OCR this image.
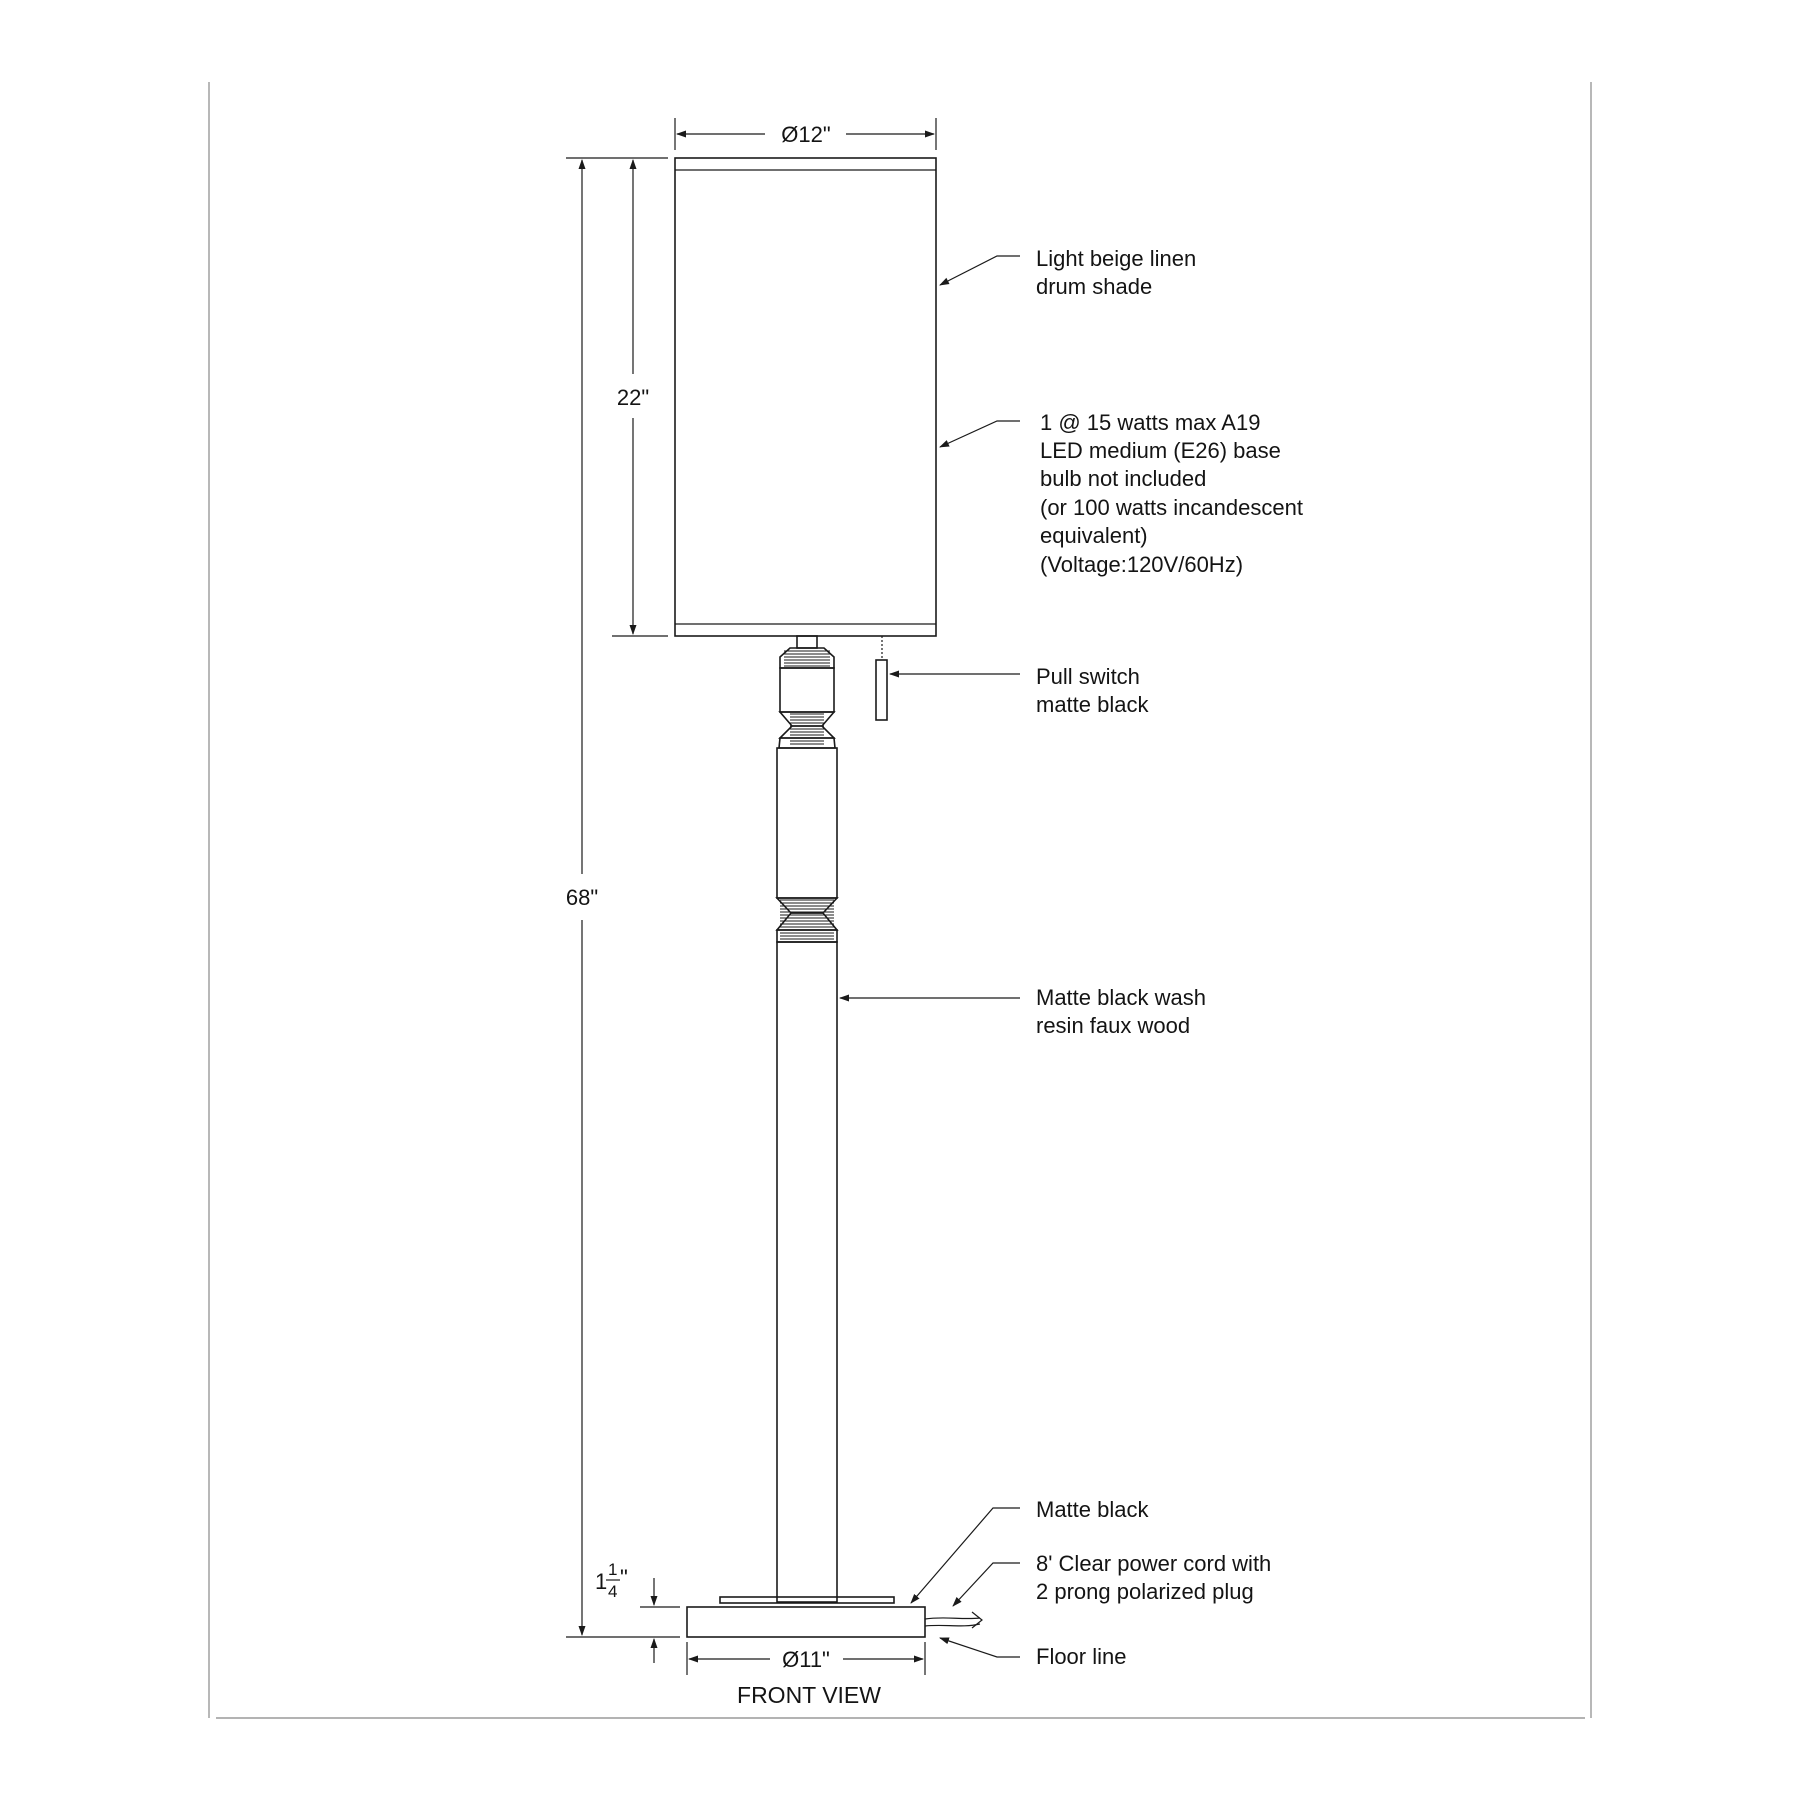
Ø12"
22"
68"
1 1
4
"
Ø11"
Light beige linen
drum shade
1 @ 15 watts max A19
LED medium (E26) base
bulb not included
(or 100 watts incandescent
equivalent)
(Voltage:120V/60Hz)
Pull switch
matte black
Matte black wash
resin faux wood
Matte black
8' Clear power cord with
2 prong polarized plug
Floor line
FRONT VIEW
